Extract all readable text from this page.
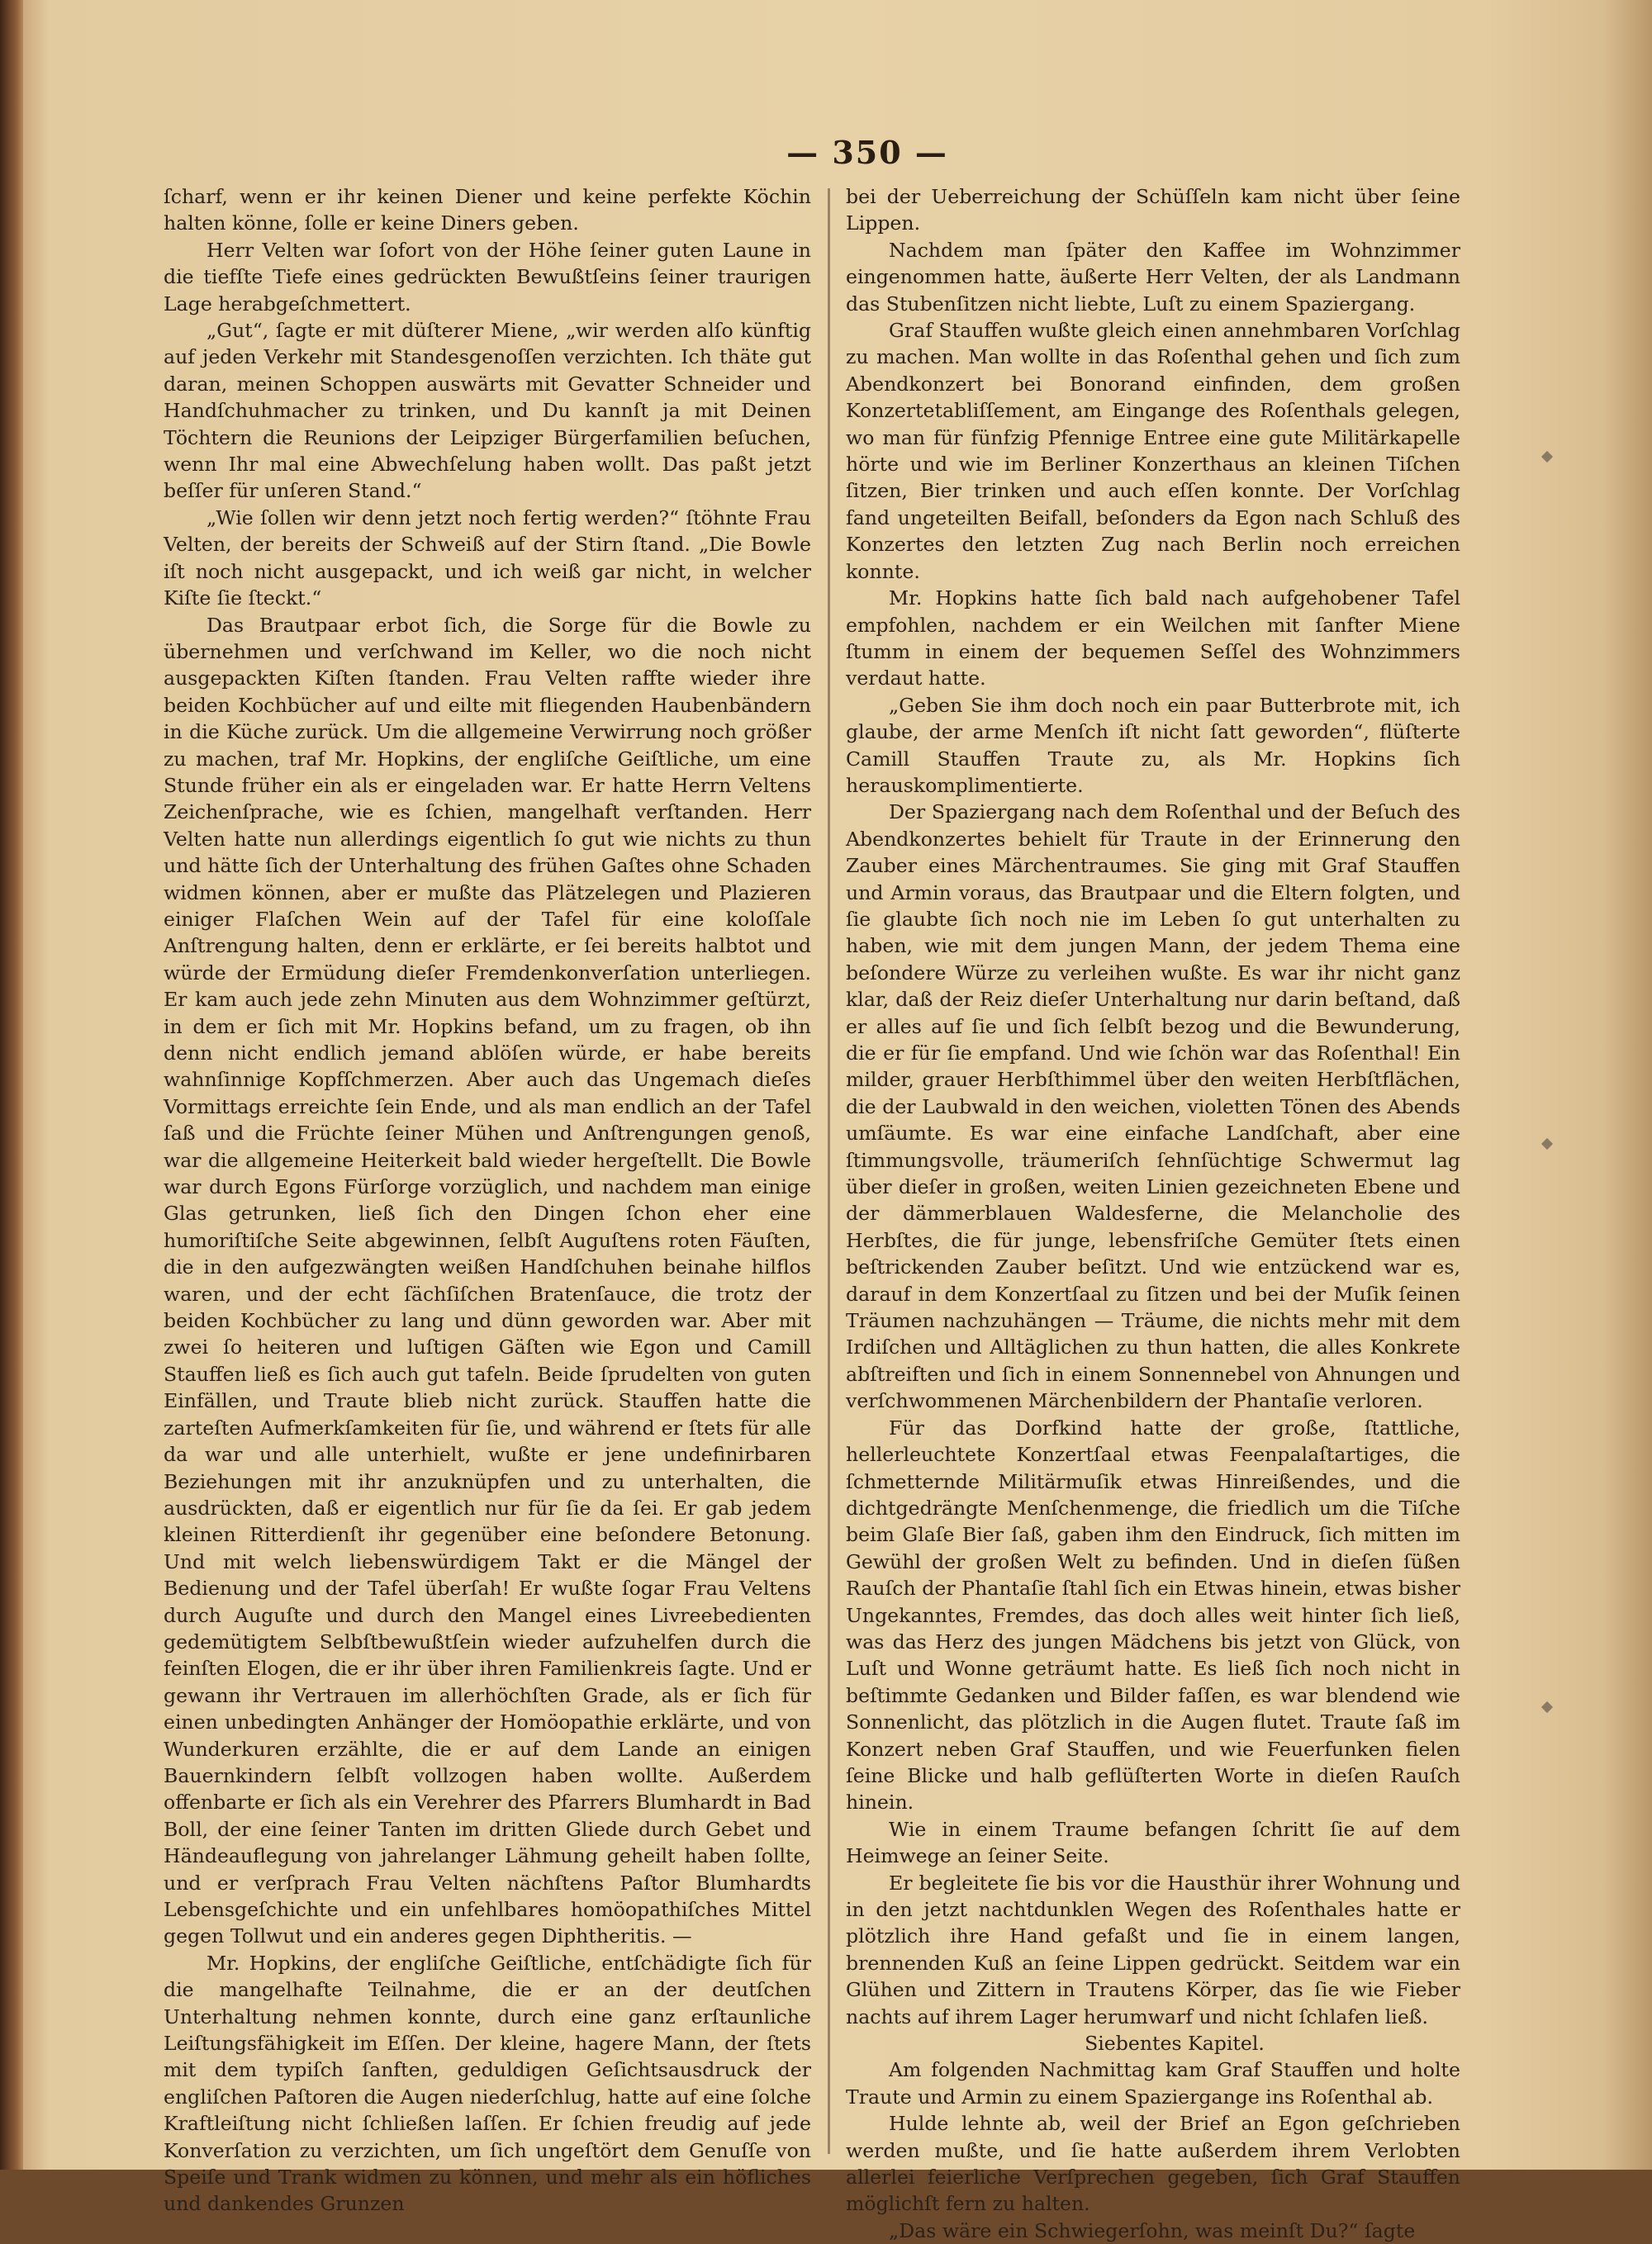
— 350 —

ſcharf, wenn er ihr keinen Diener und keine perfekte Köchin halten könne, ſolle er keine Diners geben.

Herr Velten war ſofort von der Höhe ſeiner guten Laune in die tiefſte Tiefe eines gedrückten Bewußtſeins ſeiner traurigen Lage herabgeſchmettert.

„Gut“, ſagte er mit düſterer Miene, „wir werden alſo künftig auf jeden Verkehr mit Standesgenoſſen verzichten. Ich thäte gut daran, meinen Schoppen auswärts mit Gevatter Schneider und Handſchuhmacher zu trinken, und Du kannſt ja mit Deinen Töchtern die Reunions der Leipziger Bürgerfamilien beſuchen, wenn Ihr mal eine Abwechſelung haben wollt. Das paßt jetzt beſſer für unſeren Stand.“

„Wie ſollen wir denn jetzt noch fertig werden?“ ſtöhnte Frau Velten, der bereits der Schweiß auf der Stirn ſtand. „Die Bowle iſt noch nicht ausgepackt, und ich weiß gar nicht, in welcher Kiſte ſie ſteckt.“

Das Brautpaar erbot ſich, die Sorge für die Bowle zu übernehmen und verſchwand im Keller, wo die noch nicht ausgepackten Kiſten ſtanden. Frau Velten raffte wieder ihre beiden Kochbücher auf und eilte mit fliegenden Haubenbändern in die Küche zurück. Um die allgemeine Verwirrung noch größer zu machen, traf Mr. Hopkins, der engliſche Geiſtliche, um eine Stunde früher ein als er eingeladen war. Er hatte Herrn Veltens Zeichenſprache, wie es ſchien, mangelhaft verſtanden. Herr Velten hatte nun allerdings eigentlich ſo gut wie nichts zu thun und hätte ſich der Unterhaltung des frühen Gaſtes ohne Schaden widmen können, aber er mußte das Plätzelegen und Plazieren einiger Flaſchen Wein auf der Tafel für eine koloſſale Anſtrengung halten, denn er erklärte, er ſei bereits halbtot und würde der Ermüdung dieſer Fremdenkonverſation unterliegen. Er kam auch jede zehn Minuten aus dem Wohnzimmer geſtürzt, in dem er ſich mit Mr. Hopkins befand, um zu fragen, ob ihn denn nicht endlich jemand ablöſen würde, er habe bereits wahnſinnige Kopfſchmerzen. Aber auch das Ungemach dieſes Vormittags erreichte ſein Ende, und als man endlich an der Tafel ſaß und die Früchte ſeiner Mühen und Anſtrengungen genoß, war die allgemeine Heiterkeit bald wieder hergeſtellt. Die Bowle war durch Egons Fürſorge vorzüglich, und nachdem man einige Glas getrunken, ließ ſich den Dingen ſchon eher eine humoriſtiſche Seite abgewinnen, ſelbſt Auguſtens roten Fäuſten, die in den aufgezwängten weißen Handſchuhen beinahe hilflos waren, und der echt ſächſiſchen Bratenſauce, die trotz der beiden Kochbücher zu lang und dünn geworden war. Aber mit zwei ſo heiteren und luſtigen Gäſten wie Egon und Camill Stauffen ließ es ſich auch gut tafeln. Beide ſprudelten von guten Einfällen, und Traute blieb nicht zurück. Stauffen hatte die zarteſten Aufmerkſamkeiten für ſie, und während er ſtets für alle da war und alle unterhielt, wußte er jene undefinirbaren Beziehungen mit ihr anzuknüpfen und zu unterhalten, die ausdrückten, daß er eigentlich nur für ſie da ſei. Er gab jedem kleinen Ritterdienſt ihr gegenüber eine beſondere Betonung. Und mit welch liebenswürdigem Takt er die Mängel der Bedienung und der Tafel überſah! Er wußte ſogar Frau Veltens durch Auguſte und durch den Mangel eines Livreebedienten gedemütigtem Selbſtbewußtſein wieder aufzuhelfen durch die feinſten Elogen, die er ihr über ihren Familienkreis ſagte. Und er gewann ihr Vertrauen im allerhöchſten Grade, als er ſich für einen unbedingten Anhänger der Homöopathie erklärte, und von Wunderkuren erzählte, die er auf dem Lande an einigen Bauernkindern ſelbſt vollzogen haben wollte. Außerdem offenbarte er ſich als ein Verehrer des Pfarrers Blumhardt in Bad Boll, der eine ſeiner Tanten im dritten Gliede durch Gebet und Händeauflegung von jahrelanger Lähmung geheilt haben ſollte, und er verſprach Frau Velten nächſtens Paſtor Blumhardts Lebensgeſchichte und ein unfehlbares homöopathiſches Mittel gegen Tollwut und ein anderes gegen Diphtheritis. —

Mr. Hopkins, der engliſche Geiſtliche, entſchädigte ſich für die mangelhafte Teilnahme, die er an der deutſchen Unterhaltung nehmen konnte, durch eine ganz erſtaunliche Leiſtungsfähigkeit im Eſſen. Der kleine, hagere Mann, der ſtets mit dem typiſch ſanften, geduldigen Geſichtsausdruck der engliſchen Paſtoren die Augen niederſchlug, hatte auf eine ſolche Kraftleiſtung nicht ſchließen laſſen. Er ſchien freudig auf jede Konverſation zu verzichten, um ſich ungeſtört dem Genuſſe von Speiſe und Trank widmen zu können, und mehr als ein höfliches und dankendes Grunzen

bei der Ueberreichung der Schüſſeln kam nicht über ſeine Lippen.

Nachdem man ſpäter den Kaffee im Wohnzimmer eingenommen hatte, äußerte Herr Velten, der als Landmann das Stubenſitzen nicht liebte, Luſt zu einem Spaziergang.

Graf Stauffen wußte gleich einen annehmbaren Vorſchlag zu machen. Man wollte in das Roſenthal gehen und ſich zum Abendkonzert bei Bonorand einfinden, dem großen Konzertetabliſſement, am Eingange des Roſenthals gelegen, wo man für fünfzig Pfennige Entree eine gute Militärkapelle hörte und wie im Berliner Konzerthaus an kleinen Tiſchen ſitzen, Bier trinken und auch eſſen konnte. Der Vorſchlag fand ungeteilten Beifall, beſonders da Egon nach Schluß des Konzertes den letzten Zug nach Berlin noch erreichen konnte.

Mr. Hopkins hatte ſich bald nach aufgehobener Tafel empfohlen, nachdem er ein Weilchen mit ſanfter Miene ſtumm in einem der bequemen Seſſel des Wohnzimmers verdaut hatte.

„Geben Sie ihm doch noch ein paar Butterbrote mit, ich glaube, der arme Menſch iſt nicht ſatt geworden“, flüſterte Camill Stauffen Traute zu, als Mr. Hopkins ſich herauskomplimentierte.

Der Spaziergang nach dem Roſenthal und der Beſuch des Abendkonzertes behielt für Traute in der Erinnerung den Zauber eines Märchentraumes. Sie ging mit Graf Stauffen und Armin voraus, das Brautpaar und die Eltern folgten, und ſie glaubte ſich noch nie im Leben ſo gut unterhalten zu haben, wie mit dem jungen Mann, der jedem Thema eine beſondere Würze zu verleihen wußte. Es war ihr nicht ganz klar, daß der Reiz dieſer Unterhaltung nur darin beſtand, daß er alles auf ſie und ſich ſelbſt bezog und die Bewunderung, die er für ſie empfand. Und wie ſchön war das Roſenthal! Ein milder, grauer Herbſthimmel über den weiten Herbſtflächen, die der Laubwald in den weichen, violetten Tönen des Abends umſäumte. Es war eine einfache Landſchaft, aber eine ſtimmungsvolle, träumeriſch ſehnſüchtige Schwermut lag über dieſer in großen, weiten Linien gezeichneten Ebene und der dämmerblauen Waldesferne, die Melancholie des Herbſtes, die für junge, lebensfriſche Gemüter ſtets einen beſtrickenden Zauber beſitzt. Und wie entzückend war es, darauf in dem Konzertſaal zu ſitzen und bei der Muſik ſeinen Träumen nachzuhängen — Träume, die nichts mehr mit dem Irdiſchen und Alltäglichen zu thun hatten, die alles Konkrete abſtreiften und ſich in einem Sonnennebel von Ahnungen und verſchwommenen Märchenbildern der Phantaſie verloren.

Für das Dorfkind hatte der große, ſtattliche, hellerleuchtete Konzertſaal etwas Feenpalaſtartiges, die ſchmetternde Militärmuſik etwas Hinreißendes, und die dichtgedrängte Menſchenmenge, die friedlich um die Tiſche beim Glaſe Bier ſaß, gaben ihm den Eindruck, ſich mitten im Gewühl der großen Welt zu befinden. Und in dieſen ſüßen Rauſch der Phantaſie ſtahl ſich ein Etwas hinein, etwas bisher Ungekanntes, Fremdes, das doch alles weit hinter ſich ließ, was das Herz des jungen Mädchens bis jetzt von Glück, von Luſt und Wonne geträumt hatte. Es ließ ſich noch nicht in beſtimmte Gedanken und Bilder faſſen, es war blendend wie Sonnenlicht, das plötzlich in die Augen flutet. Traute ſaß im Konzert neben Graf Stauffen, und wie Feuerfunken fielen ſeine Blicke und halb geflüſterten Worte in dieſen Rauſch hinein.

Wie in einem Traume befangen ſchritt ſie auf dem Heimwege an ſeiner Seite.

Er begleitete ſie bis vor die Hausthür ihrer Wohnung und in den jetzt nachtdunklen Wegen des Roſenthales hatte er plötzlich ihre Hand gefaßt und ſie in einem langen, brennenden Kuß an ſeine Lippen gedrückt. Seitdem war ein Glühen und Zittern in Trautens Körper, das ſie wie Fieber nachts auf ihrem Lager herumwarf und nicht ſchlafen ließ.

Siebentes Kapitel.

Am folgenden Nachmittag kam Graf Stauffen und holte Traute und Armin zu einem Spaziergange ins Roſenthal ab.

Hulde lehnte ab, weil der Brief an Egon geſchrieben werden mußte, und ſie hatte außerdem ihrem Verlobten allerlei feierliche Verſprechen gegeben, ſich Graf Stauffen möglichſt fern zu halten.

„Das wäre ein Schwiegerſohn, was meinſt Du?“ ſagte
